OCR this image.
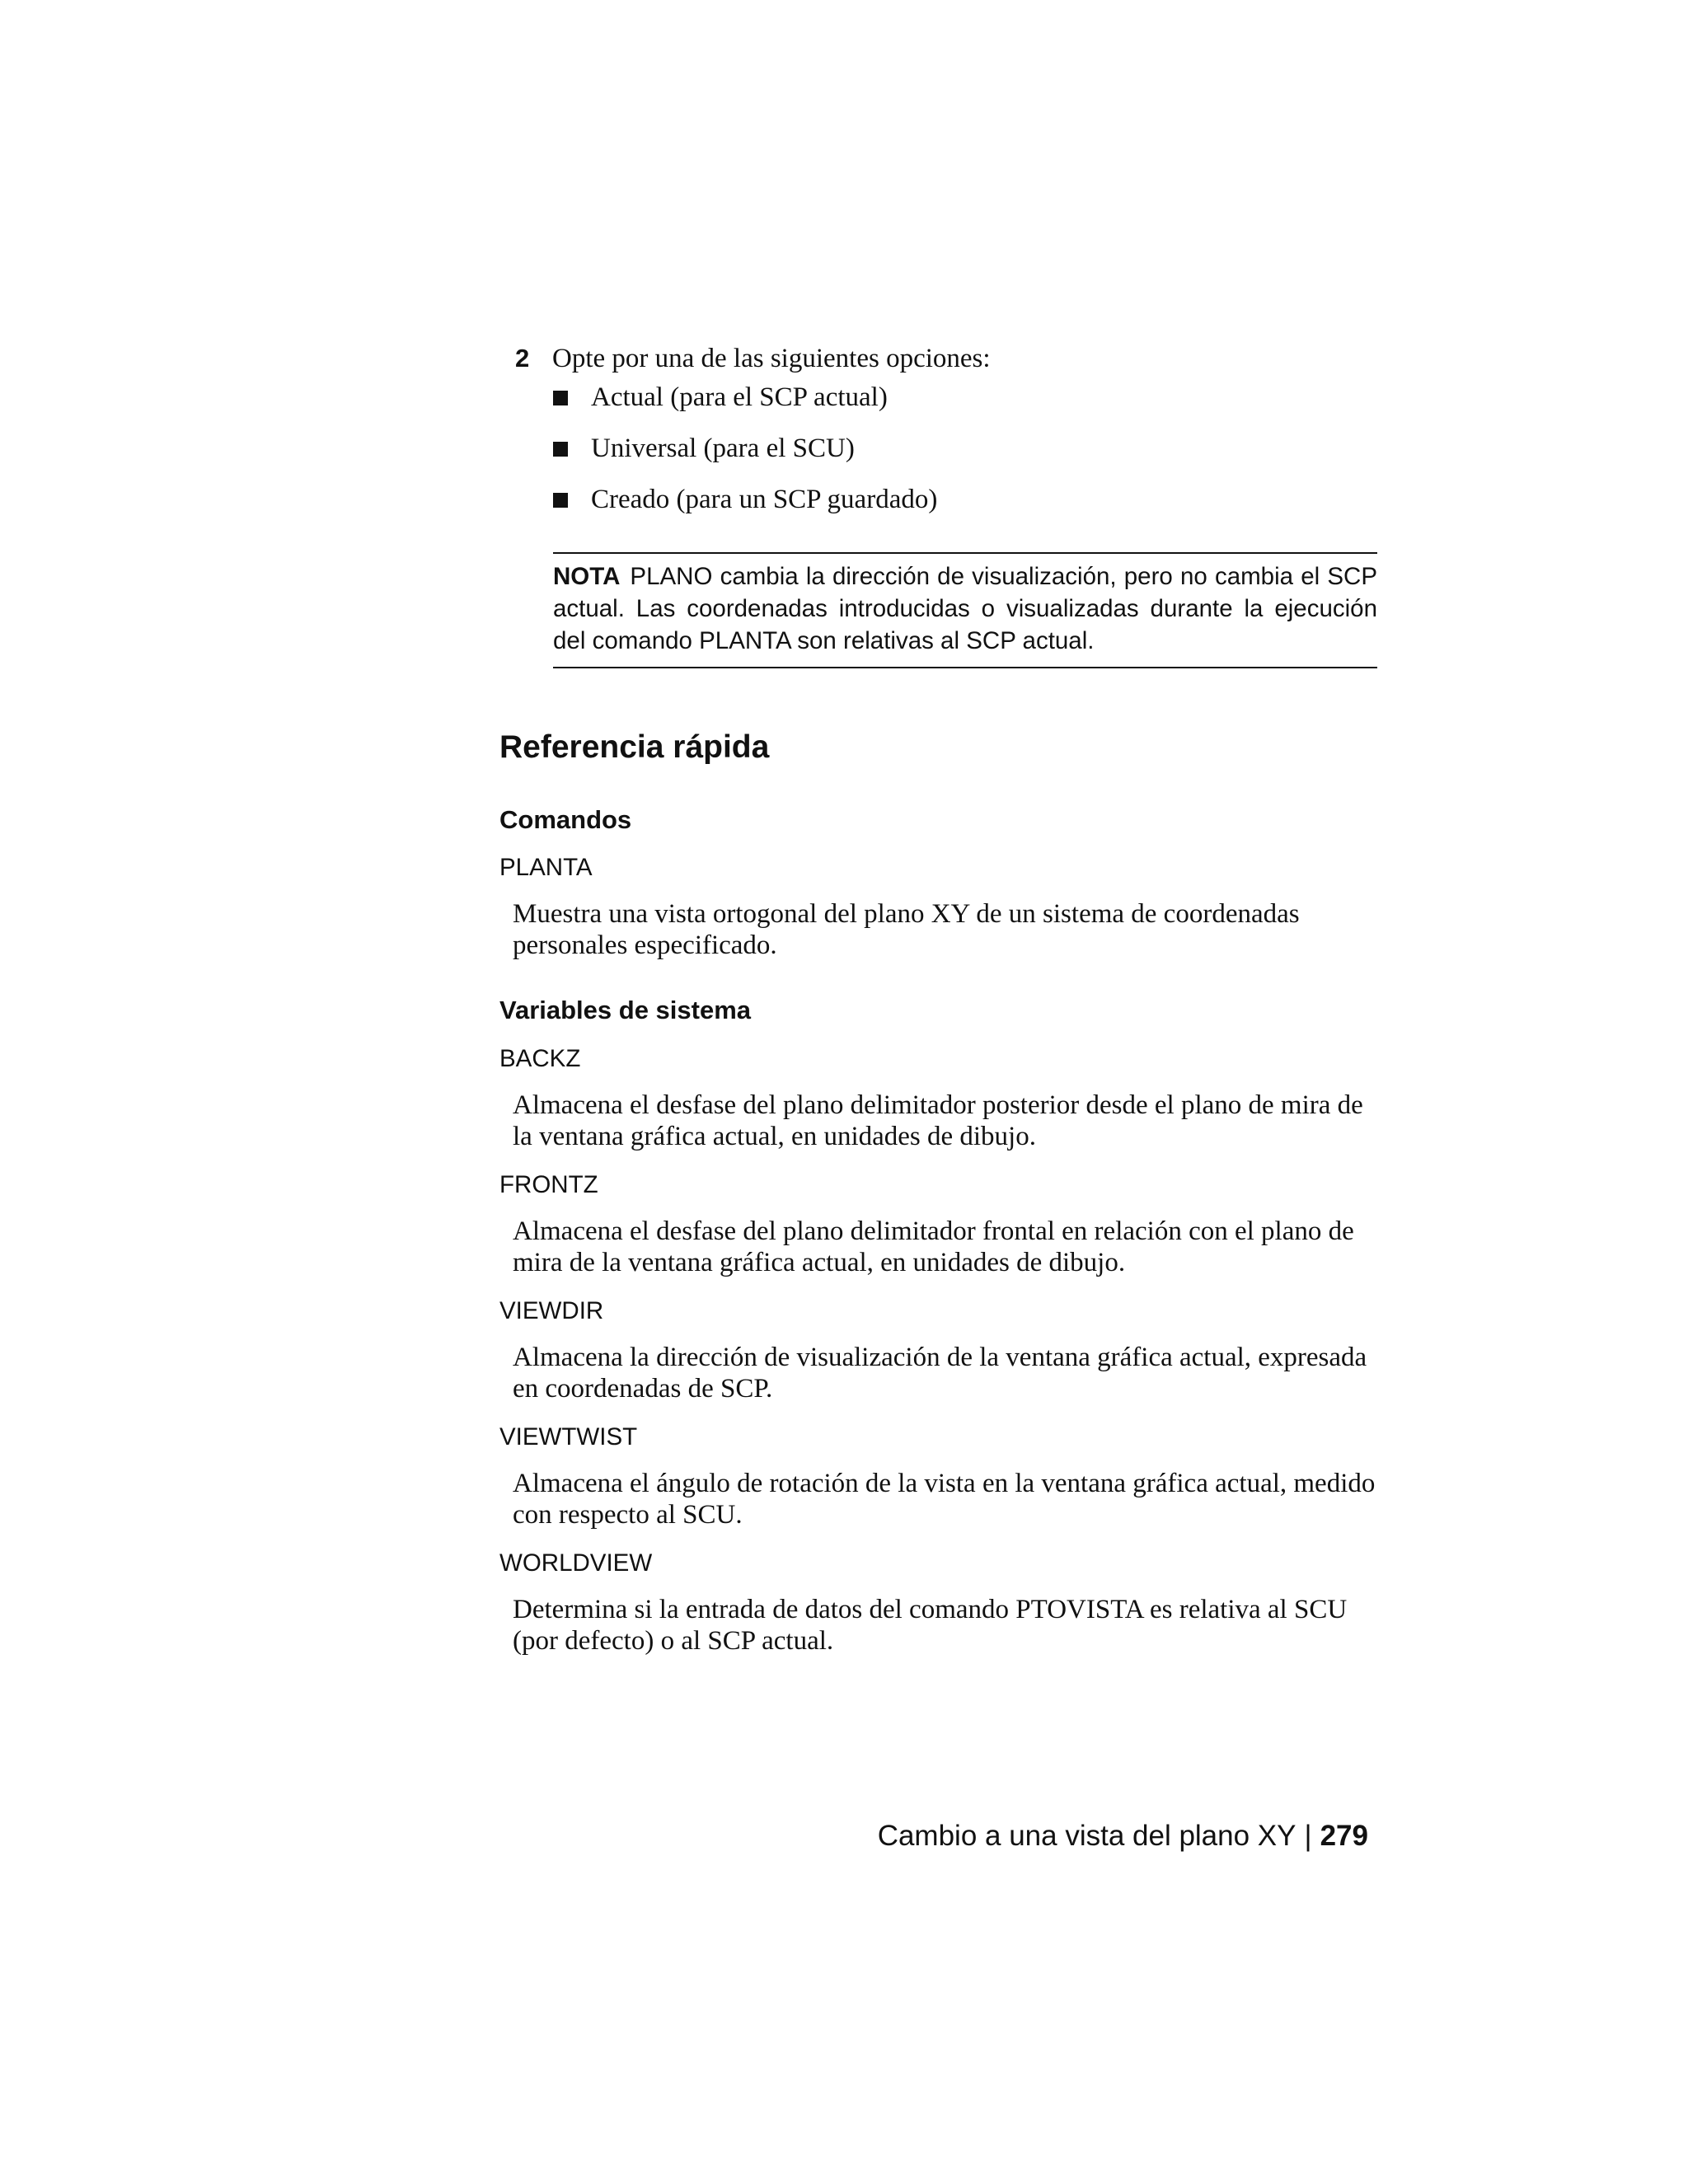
2 Opte por una de las siguientes opciones:
Actual (para el SCP actual)
Universal (para el SCU)
Creado (para un SCP guardado)

NOTA PLANO cambia la dirección de visualización, pero no cambia el SCP actual. Las coordenadas introducidas o visualizadas durante la ejecución del comando PLANTA son relativas al SCP actual.

Referencia rápida
Comandos
PLANTA

Muestra una vista ortogonal del plano XY de un sistema de coordenadas personales especificado.

Variables de sistema
BACKZ

Almacena el desfase del plano delimitador posterior desde el plano de mira de la ventana gráfica actual, en unidades de dibujo.

FRONTZ

Almacena el desfase del plano delimitador frontal en relación con el plano de mira de la ventana gráfica actual, en unidades de dibujo.

VIEWDIR

Almacena la dirección de visualización de la ventana gráfica actual, expresada en coordenadas de SCP.

VIEWTWIST

Almacena el ángulo de rotación de la vista en la ventana gráfica actual, medido con respecto al SCU.

WORLDVIEW

Determina si la entrada de datos del comando PTOVISTA es relativa al SCU (por defecto) o al SCP actual.

Cambio a una vista del plano XY | 279
